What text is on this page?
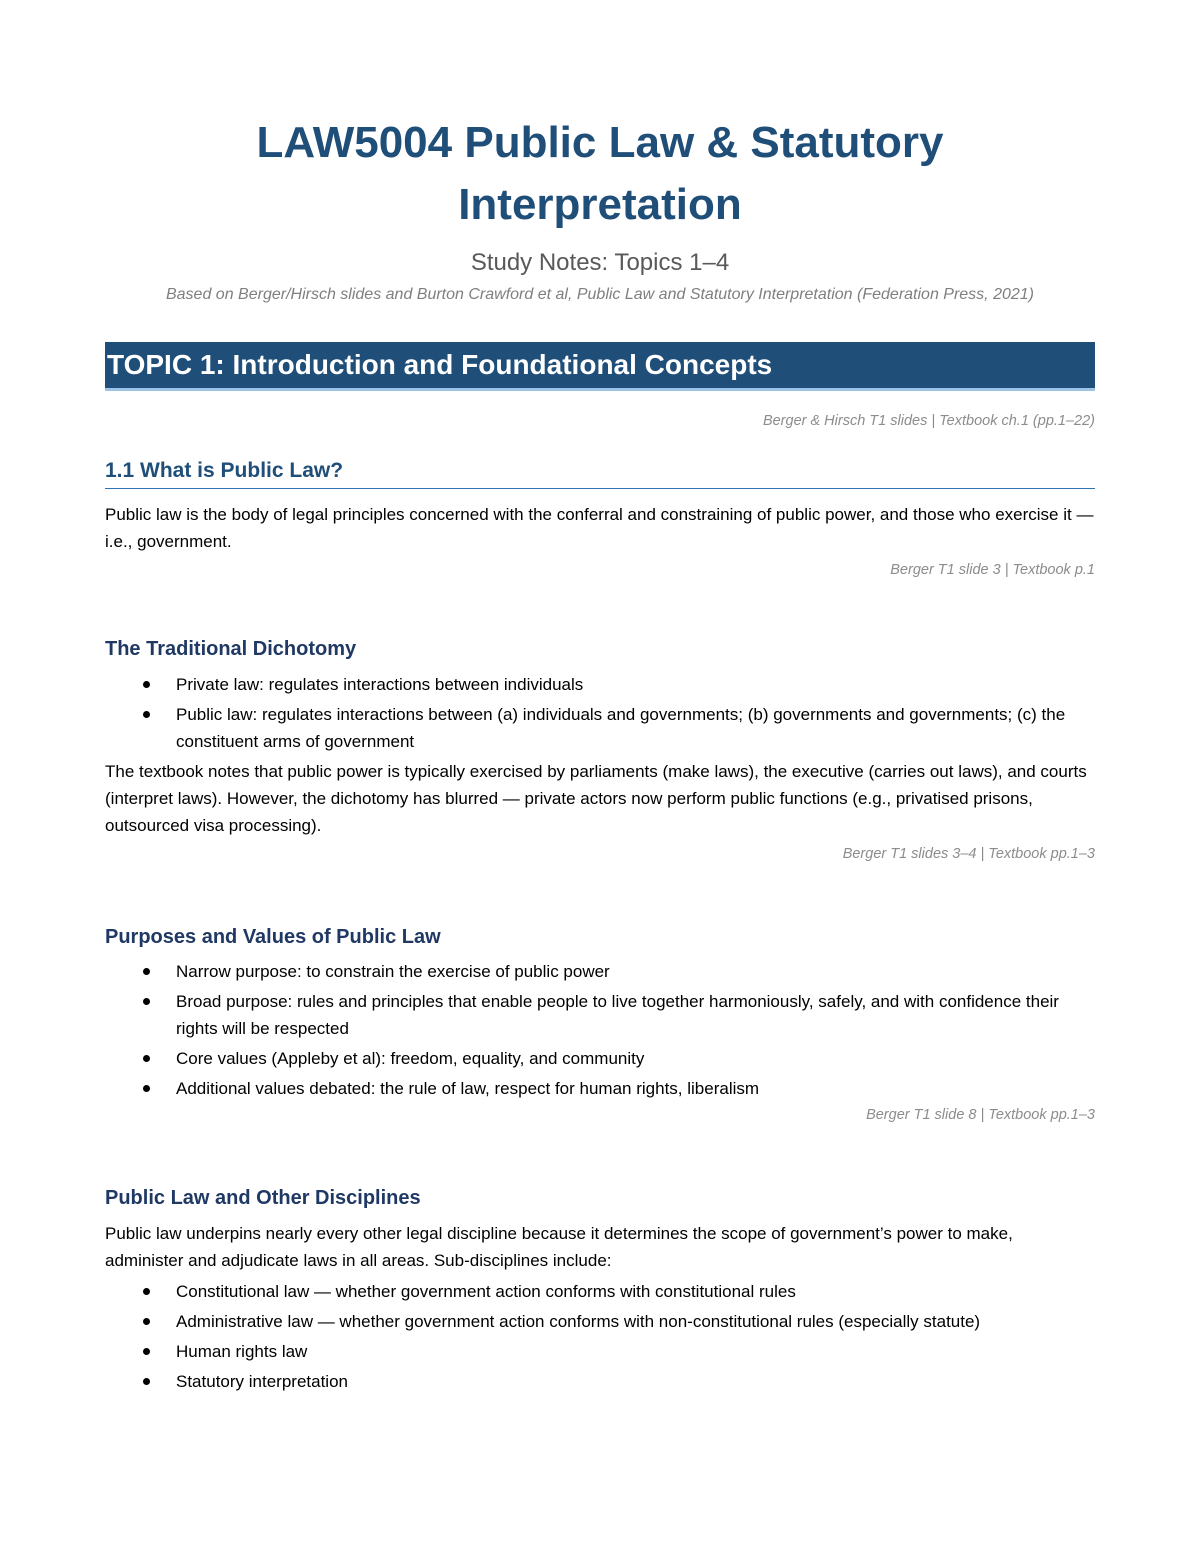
LAW5004 Public Law & Statutory
Interpretation

Study Notes: Topics 1–4

Based on Berger/Hirsch slides and Burton Crawford et al, Public Law and Statutory Interpretation (Federation Press, 2021)

TOPIC 1: Introduction and Foundational Concepts

Berger & Hirsch T1 slides | Textbook ch.1 (pp.1–22)

1.1 What is Public Law?

Public law is the body of legal principles concerned with the conferral and constraining of public power, and those who exercise it — i.e., government.

Berger T1 slide 3 | Textbook p.1

The Traditional Dichotomy
Private law: regulates interactions between individuals
Public law: regulates interactions between (a) individuals and governments; (b) governments and governments; (c) the constituent arms of government

The textbook notes that public power is typically exercised by parliaments (make laws), the executive (carries out laws), and courts (interpret laws). However, the dichotomy has blurred — private actors now perform public functions (e.g., privatised prisons, outsourced visa processing).

Berger T1 slides 3–4 | Textbook pp.1–3

Purposes and Values of Public Law
Narrow purpose: to constrain the exercise of public power
Broad purpose: rules and principles that enable people to live together harmoniously, safely, and with confidence their rights will be respected
Core values (Appleby et al): freedom, equality, and community
Additional values debated: the rule of law, respect for human rights, liberalism

Berger T1 slide 8 | Textbook pp.1–3

Public Law and Other Disciplines

Public law underpins nearly every other legal discipline because it determines the scope of government’s power to make, administer and adjudicate laws in all areas. Sub-disciplines include:

Constitutional law — whether government action conforms with constitutional rules
Administrative law — whether government action conforms with non-constitutional rules (especially statute)
Human rights law
Statutory interpretation
